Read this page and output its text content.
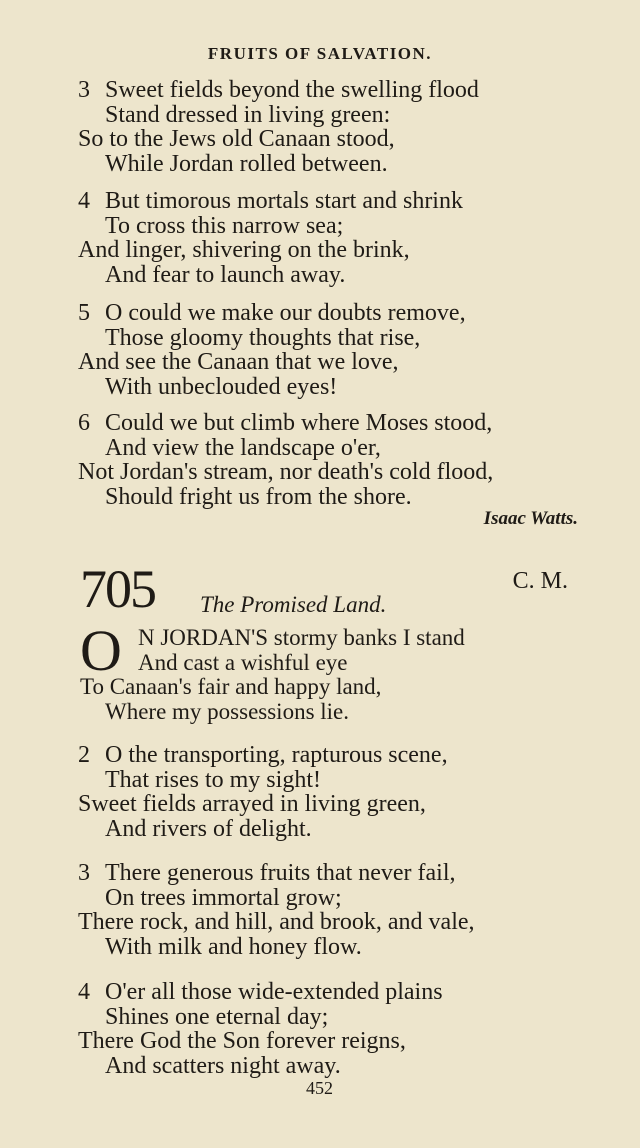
FRUITS OF SALVATION.
3 Sweet fields beyond the swelling flood
Stand dressed in living green:
So to the Jews old Canaan stood,
While Jordan rolled between.
4 But timorous mortals start and shrink
To cross this narrow sea;
And linger, shivering on the brink,
And fear to launch away.
5 O could we make our doubts remove,
Those gloomy thoughts that rise,
And see the Canaan that we love,
With unbeclouded eyes!
6 Could we but climb where Moses stood,
And view the landscape o'er,
Not Jordan's stream, nor death's cold flood,
Should fright us from the shore.
Isaac Watts.
705	C. M.
The Promised Land.
O N JORDAN'S stormy banks I stand
And cast a wishful eye
To Canaan's fair and happy land,
Where my possessions lie.
2 O the transporting, rapturous scene,
That rises to my sight!
Sweet fields arrayed in living green,
And rivers of delight.
3 There generous fruits that never fail,
On trees immortal grow;
There rock, and hill, and brook, and vale,
With milk and honey flow.
4 O'er all those wide-extended plains
Shines one eternal day;
There God the Son forever reigns,
And scatters night away.
452
